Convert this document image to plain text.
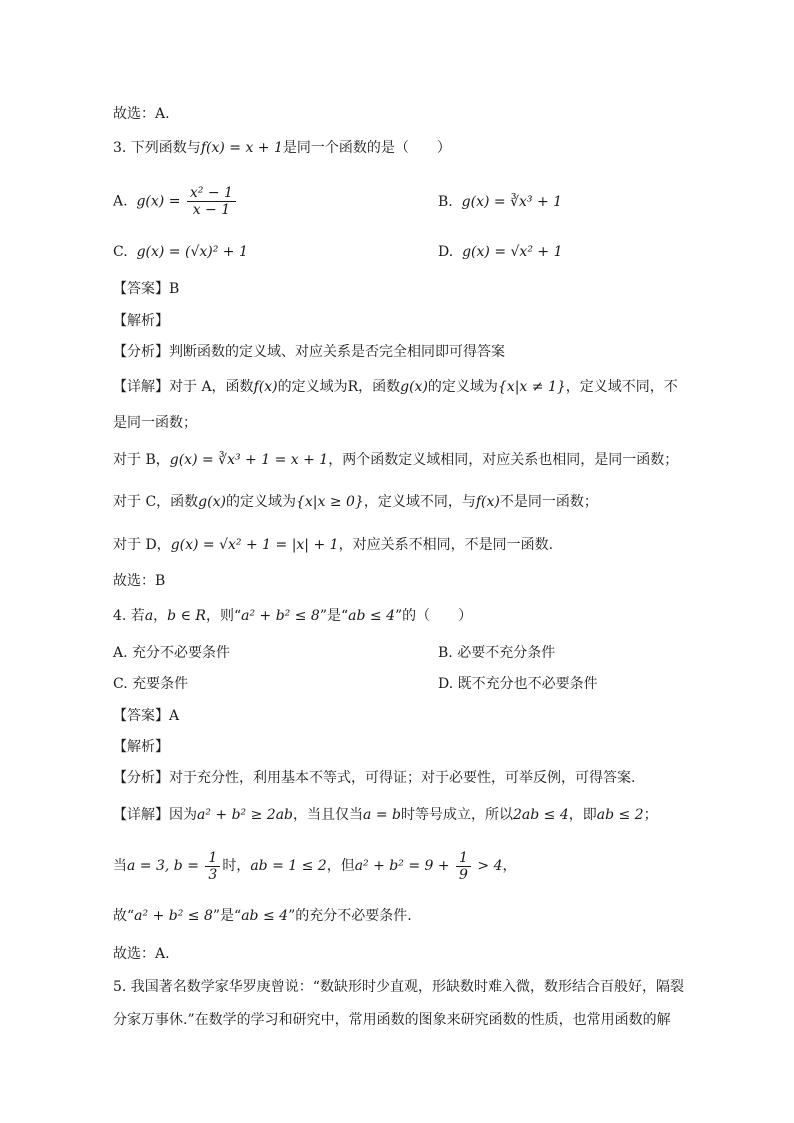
故选：A.
3. 下列函数与f(x) = x + 1是同一个函数的是（　　）
A. $g(x) = \frac{\text{x² − 1}}{x - 1}$	B. g(x) = ∛x³ + 1
C. g(x) = (√x)² + 1	D. g(x) = √x² + 1
【答案】B
【解析】
【分析】判断函数的定义域、对应关系是否完全相同即可得答案
【详解】对于 A，函数f(x)的定义域为R，函数g(x)的定义域为{x|x ≠ 1}，定义域不同，不
是同一函数；
对于 B，g(x) = ∛x³ + 1 = x + 1，两个函数定义域相同，对应关系也相同，是同一函数；
对于 C，函数g(x)的定义域为{x|x ≥ 0}，定义域不同，与f(x)不是同一函数；
对于 D，g(x) = √x² + 1 = |x| + 1，对应关系不相同，不是同一函数.
故选：B
4. 若a，b ∈ R，则“a² + b² ≤ 8”是“ab ≤ 4”的（　　）
A. 充分不必要条件	B. 必要不充分条件
C. 充要条件	D. 既不充分也不必要条件
【答案】A
【解析】
【分析】对于充分性，利用基本不等式，可得证；对于必要性，可举反例，可得答案.
【详解】因为a² + b² ≥ 2ab，当且仅当a = b时等号成立，所以2ab ≤ 4，即ab ≤ 2；
当a = 3, $b = \frac{1}{3}$ 时，ab = 1 ≤ 2，但$a^2 + b^2 = 9 + \frac{1}{9} > 4$，
故“a² + b² ≤ 8”是“ab ≤ 4”的充分不必要条件.
故选：A.
5. 我国著名数学家华罗庚曾说：“数缺形时少直观，形缺数时难入微，数形结合百般好，隔裂
分家万事休.”在数学的学习和研究中，常用函数的图象来研究函数的性质，也常用函数的解
